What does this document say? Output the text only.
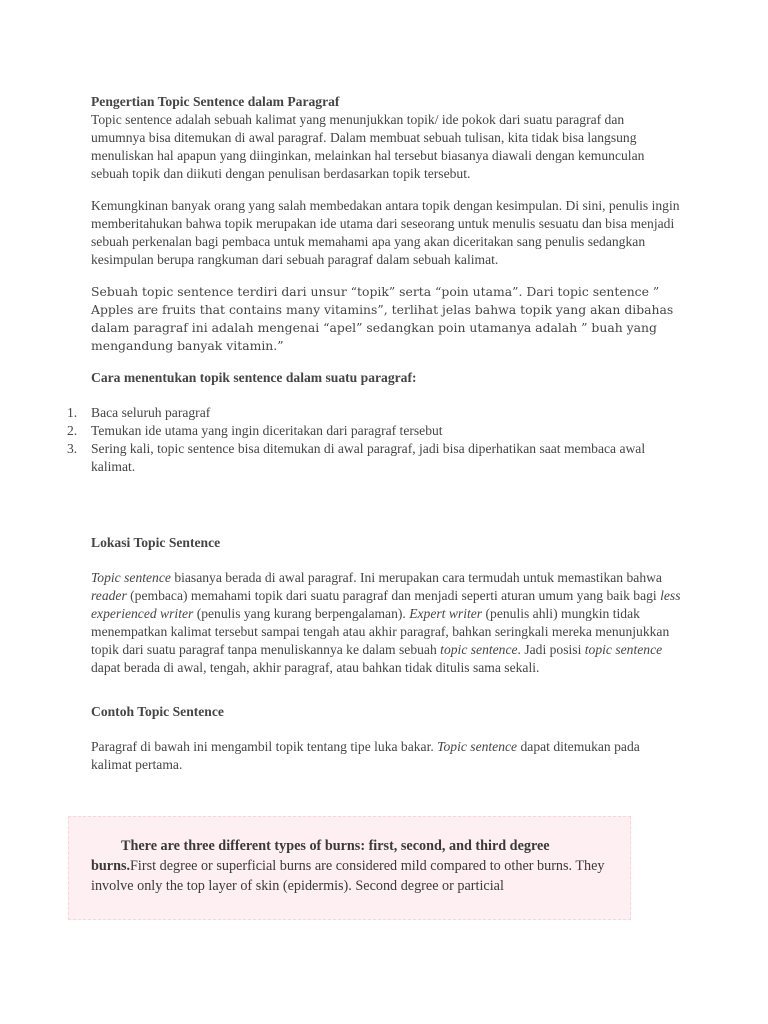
Pengertian Topic Sentence dalam Paragraf

Topic sentence adalah sebuah kalimat yang menunjukkan topik/ ide pokok dari suatu paragraf dan umumnya bisa ditemukan di awal paragraf. Dalam membuat sebuah tulisan, kita tidak bisa langsung menuliskan hal apapun yang diinginkan, melainkan hal tersebut biasanya diawali dengan kemunculan sebuah topik dan diikuti dengan penulisan berdasarkan topik tersebut.

Kemungkinan banyak orang yang salah membedakan antara topik dengan kesimpulan. Di sini, penulis ingin memberitahukan bahwa topik merupakan ide utama dari seseorang untuk menulis sesuatu dan bisa menjadi sebuah perkenalan bagi pembaca untuk memahami apa yang akan diceritakan sang penulis sedangkan kesimpulan berupa rangkuman dari sebuah paragraf dalam sebuah kalimat.

Sebuah topic sentence terdiri dari unsur “topik” serta “poin utama”. Dari topic sentence ” Apples are fruits that contains many vitamins”, terlihat jelas bahwa topik yang akan dibahas dalam paragraf ini adalah mengenai “apel” sedangkan poin utamanya adalah ” buah yang mengandung banyak vitamin.”

Cara menentukan topik sentence dalam suatu paragraf:
1.	Baca seluruh paragraf
2.	Temukan ide utama yang ingin diceritakan dari paragraf tersebut
3.	Sering kali, topic sentence bisa ditemukan di awal paragraf, jadi bisa diperhatikan saat membaca awal kalimat.
Lokasi Topic Sentence

Topic sentence biasanya berada di awal paragraf. Ini merupakan cara termudah untuk memastikan bahwa reader (pembaca) memahami topik dari suatu paragraf dan menjadi seperti aturan umum yang baik bagi less experienced writer (penulis yang kurang berpengalaman). Expert writer (penulis ahli) mungkin tidak menempatkan kalimat tersebut sampai tengah atau akhir paragraf, bahkan seringkali mereka menunjukkan topik dari suatu paragraf tanpa menuliskannya ke dalam sebuah topic sentence. Jadi posisi topic sentence dapat berada di awal, tengah, akhir paragraf, atau bahkan tidak ditulis sama sekali.

Contoh Topic Sentence

Paragraf di bawah ini mengambil topik tentang tipe luka bakar. Topic sentence dapat ditemukan pada kalimat pertama.

There are three different types of burns: first, second, and third degree burns.First degree or superficial burns are considered mild compared to other burns. They involve only the top layer of skin (epidermis). Second degree or particial
